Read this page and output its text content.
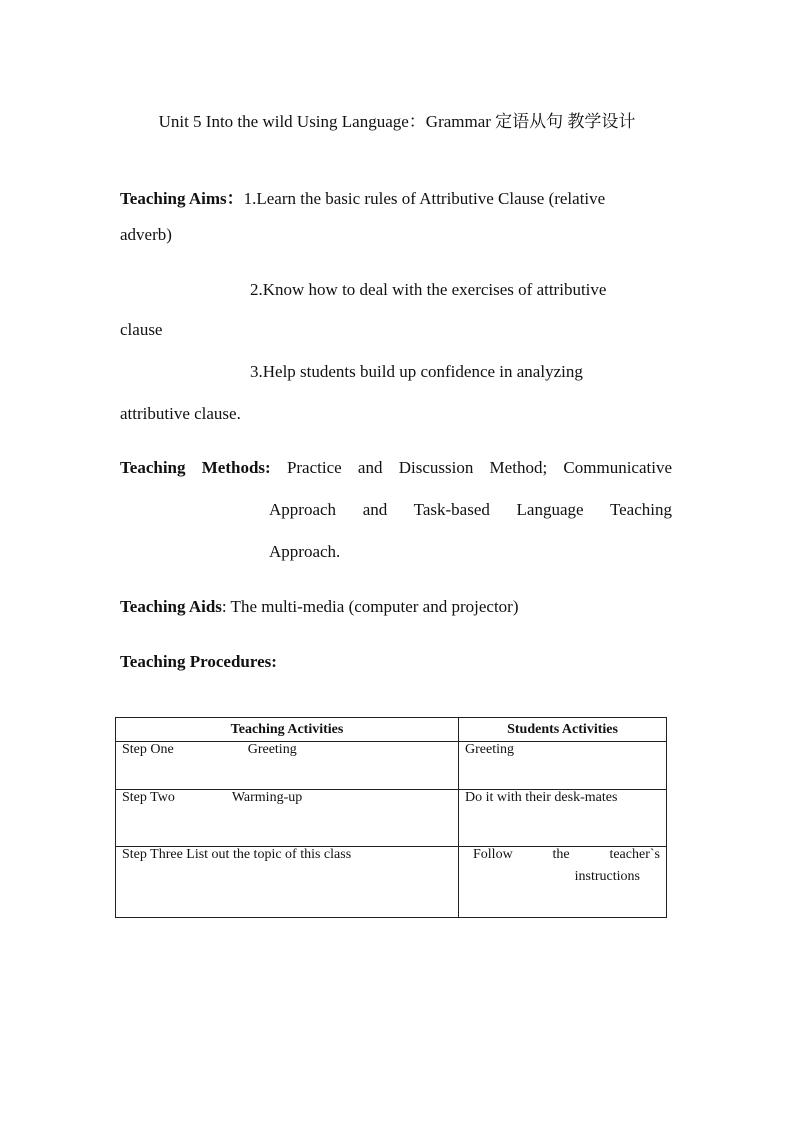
Unit 5 Into the wild Using Language：Grammar 定语从句 教学设计
Teaching Aims：1.Learn the basic rules of Attributive Clause (relative
adverb)
2.Know how to deal with the exercises of attributive
clause
3.Help students build up confidence in analyzing
attributive clause.
Teaching Methods: Practice and Discussion Method; Communicative
Approach and Task-based Language Teaching
Approach.
Teaching Aids: The multi-media (computer and projector)
Teaching Procedures:
Teaching Activities	Students Activities
Step One Greeting	Greeting
Step Two Warming-up	Do it with their desk-mates
Step Three List out the topic of this class	Follow the teacher`s
instructions
